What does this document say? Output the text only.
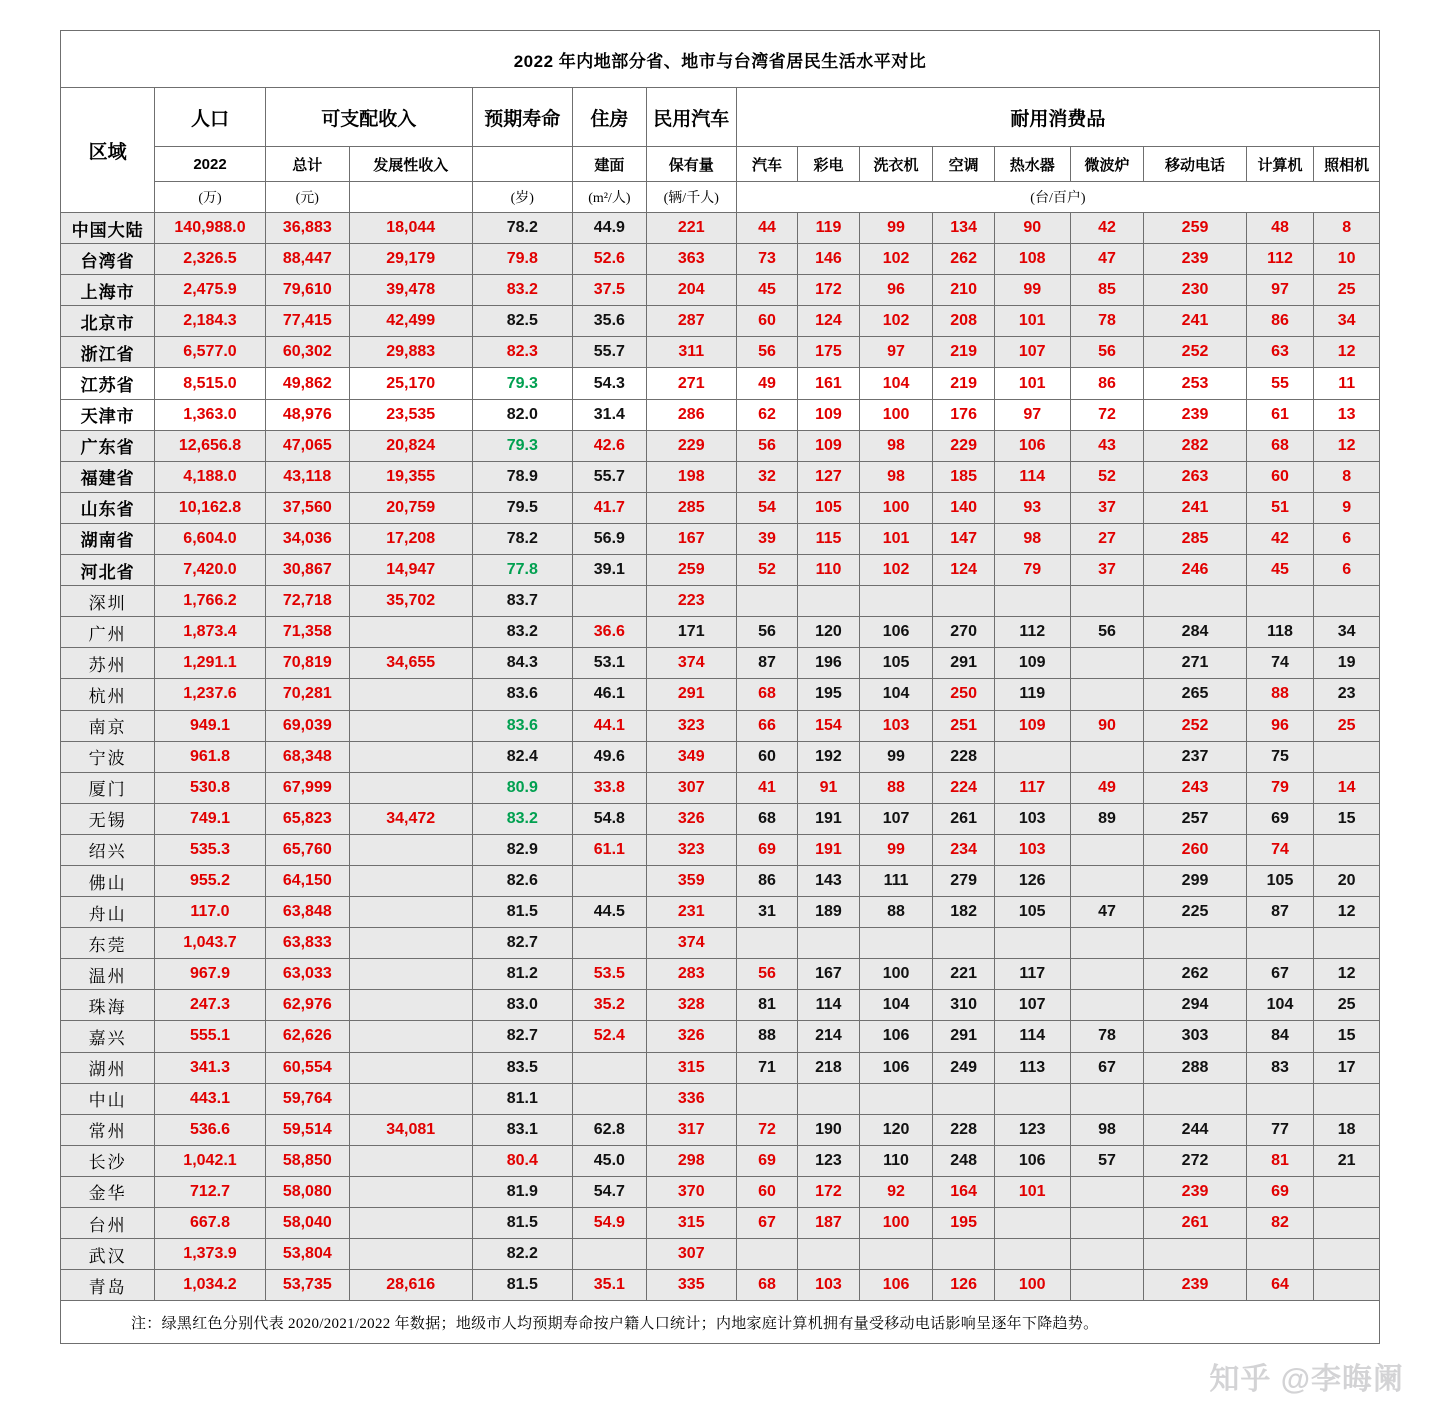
2022 年内地部分省、地市与台湾省居民生活水平对比															
区域	人口	可支配收入		预期寿命	住房	民用汽车	耐用消费品								
	2022	总计	发展性收入		建面	保有量	汽车	彩电	洗衣机	空调	热水器	微波炉	移动电话	计算机	照相机
	(万)	(元)		(岁)	(m²/人)	(辆/千人)	(台/百户)								
中国大陆	140,988.0	36,883	18,044	78.2	44.9	221	44	119	99	134	90	42	259	48	8
台湾省	2,326.5	88,447	29,179	79.8	52.6	363	73	146	102	262	108	47	239	112	10
上海市	2,475.9	79,610	39,478	83.2	37.5	204	45	172	96	210	99	85	230	97	25
北京市	2,184.3	77,415	42,499	82.5	35.6	287	60	124	102	208	101	78	241	86	34
浙江省	6,577.0	60,302	29,883	82.3	55.7	311	56	175	97	219	107	56	252	63	12
江苏省	8,515.0	49,862	25,170	79.3	54.3	271	49	161	104	219	101	86	253	55	11
天津市	1,363.0	48,976	23,535	82.0	31.4	286	62	109	100	176	97	72	239	61	13
广东省	12,656.8	47,065	20,824	79.3	42.6	229	56	109	98	229	106	43	282	68	12
福建省	4,188.0	43,118	19,355	78.9	55.7	198	32	127	98	185	114	52	263	60	8
山东省	10,162.8	37,560	20,759	79.5	41.7	285	54	105	100	140	93	37	241	51	9
湖南省	6,604.0	34,036	17,208	78.2	56.9	167	39	115	101	147	98	27	285	42	6
河北省	7,420.0	30,867	14,947	77.8	39.1	259	52	110	102	124	79	37	246	45	6
深圳	1,766.2	72,718	35,702	83.7		223									
广州	1,873.4	71,358		83.2	36.6	171	56	120	106	270	112	56	284	118	34
苏州	1,291.1	70,819	34,655	84.3	53.1	374	87	196	105	291	109		271	74	19
杭州	1,237.6	70,281		83.6	46.1	291	68	195	104	250	119		265	88	23
南京	949.1	69,039		83.6	44.1	323	66	154	103	251	109	90	252	96	25
宁波	961.8	68,348		82.4	49.6	349	60	192	99	228			237	75	
厦门	530.8	67,999		80.9	33.8	307	41	91	88	224	117	49	243	79	14
无锡	749.1	65,823	34,472	83.2	54.8	326	68	191	107	261	103	89	257	69	15
绍兴	535.3	65,760		82.9	61.1	323	69	191	99	234	103		260	74	
佛山	955.2	64,150		82.6		359	86	143	111	279	126		299	105	20
舟山	117.0	63,848		81.5	44.5	231	31	189	88	182	105	47	225	87	12
东莞	1,043.7	63,833		82.7		374									
温州	967.9	63,033		81.2	53.5	283	56	167	100	221	117		262	67	12
珠海	247.3	62,976		83.0	35.2	328	81	114	104	310	107		294	104	25
嘉兴	555.1	62,626		82.7	52.4	326	88	214	106	291	114	78	303	84	15
湖州	341.3	60,554		83.5		315	71	218	106	249	113	67	288	83	17
中山	443.1	59,764		81.1		336									
常州	536.6	59,514	34,081	83.1	62.8	317	72	190	120	228	123	98	244	77	18
长沙	1,042.1	58,850		80.4	45.0	298	69	123	110	248	106	57	272	81	21
金华	712.7	58,080		81.9	54.7	370	60	172	92	164	101		239	69	
台州	667.8	58,040		81.5	54.9	315	67	187	100	195			261	82	
武汉	1,373.9	53,804		82.2		307									
青岛	1,034.2	53,735	28,616	81.5	35.1	335	68	103	106	126	100		239	64	
注：绿黑红色分别代表 2020/2021/2022 年数据；地级市人均预期寿命按户籍人口统计；内地家庭计算机拥有量受移动电话影响呈逐年下降趋势。															
知乎 @李晦阑
